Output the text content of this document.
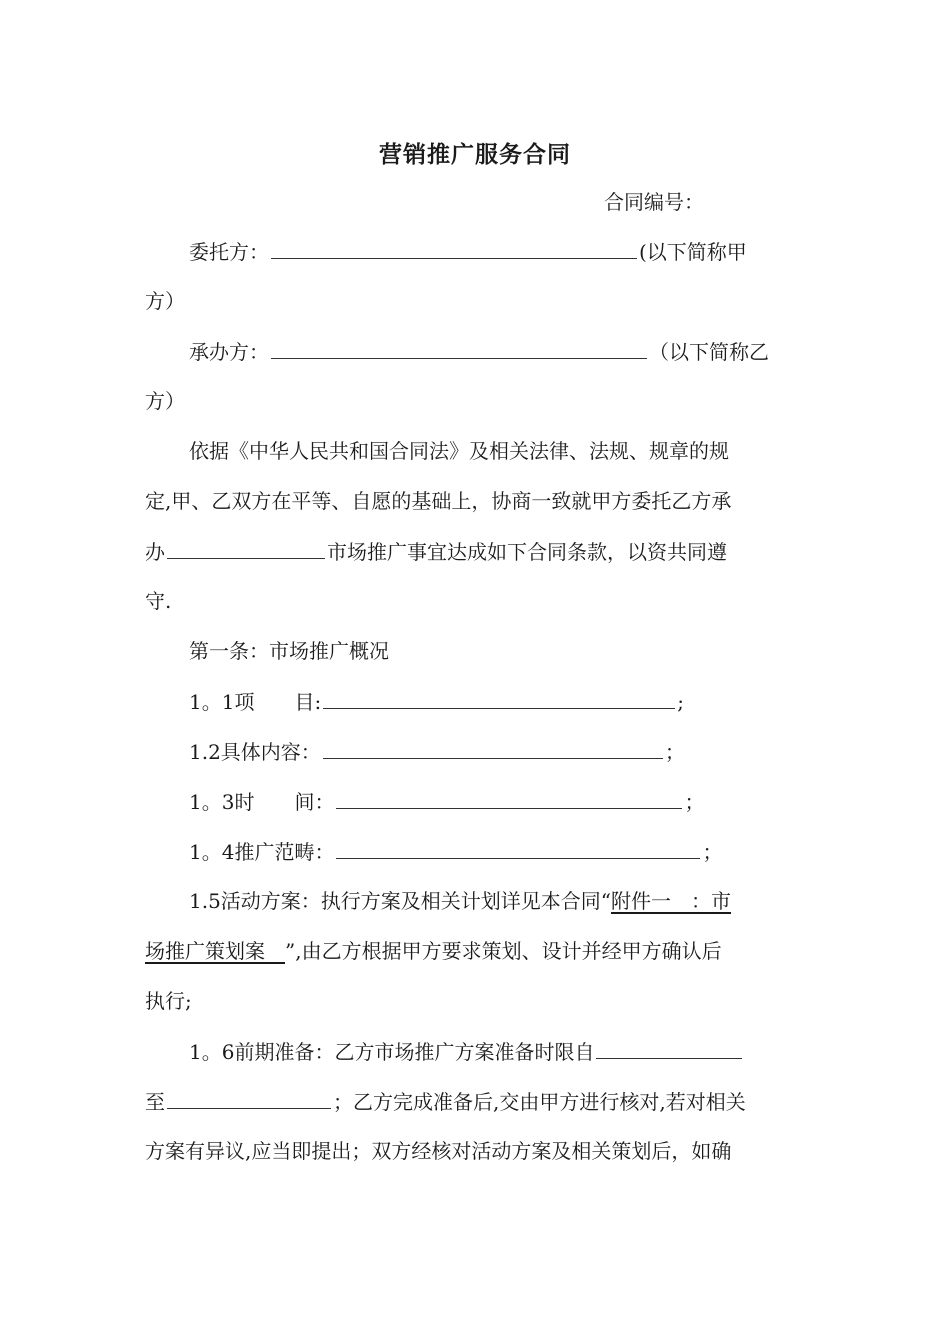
营销推广服务合同
合同编号：
委托方：	(以下简称甲
方）
承办方：	（以下简称乙
方）
依据《中华人民共和国合同法》及相关法律、法规、规章的规
定,甲、乙双方在平等、自愿的基础上，协商一致就甲方委托乙方承
办	市场推广事宜达成如下合同条款，以资共同遵
守.
第一条：市场推广概况
1。1项　　目:	;
1.2具体内容：	；
1。3时　　间：	；
1。4推广范畴：	；
1.5活动方案：执行方案及相关计划详见本合同“附件一　：市
场推广策划案　”,由乙方根据甲方要求策划、设计并经甲方确认后
执行;
1。6前期准备：乙方市场推广方案准备时限自
至	；乙方完成准备后,交由甲方进行核对,若对相关
方案有异议,应当即提出；双方经核对活动方案及相关策划后，如确
